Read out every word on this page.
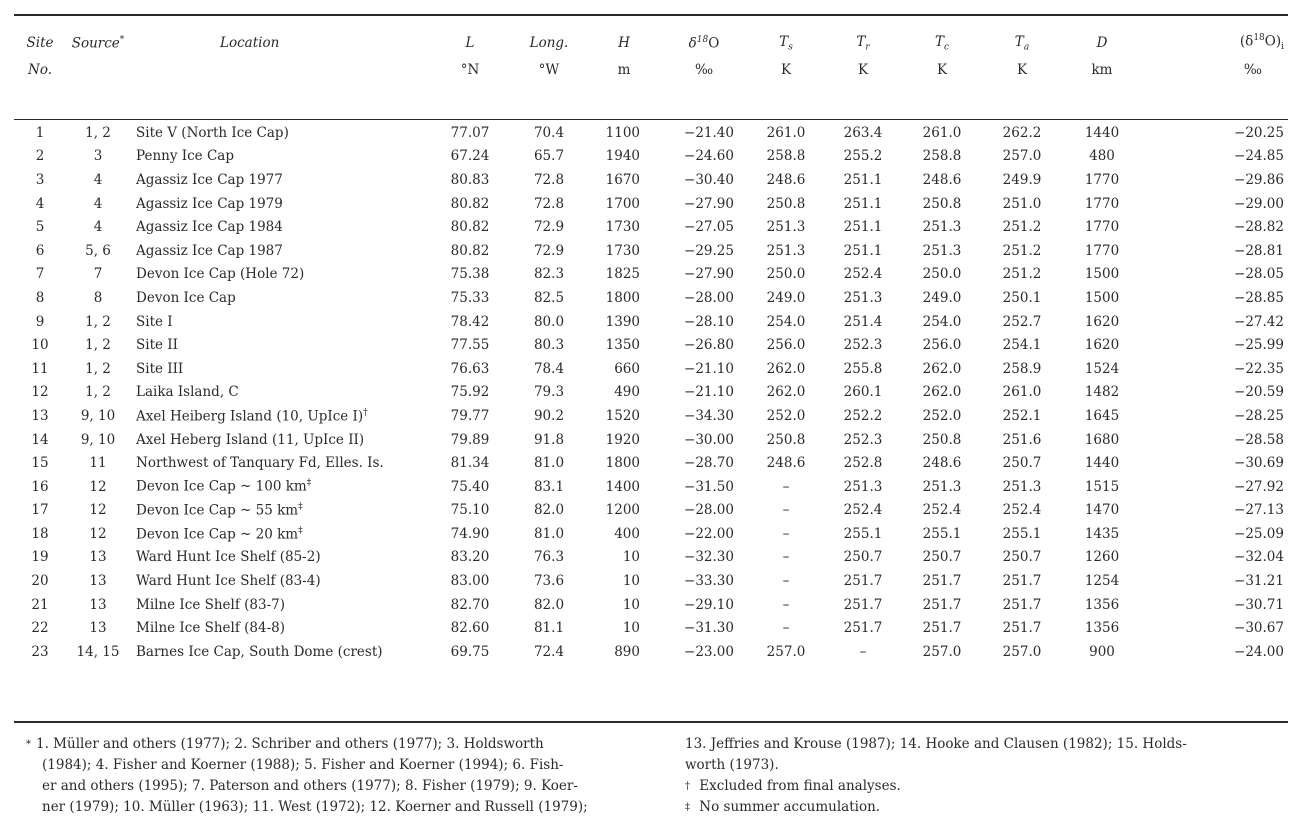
Site	Source*	Location	L	Long.	H	$\delta^{18}O$	$T_s$	$T_r$	$T_c$	$T_a$	D	$(\delta^{18}O)_i$
No.			°N	°W	m	‰	K	K	K	K	km	‰

1	1, 2	Site V (North Ice Cap)	77.07	70.4	1100	−21.40	261.0	263.4	261.0	262.2	1440	−20.25
2	3	Penny Ice Cap	67.24	65.7	1940	−24.60	258.8	255.2	258.8	257.0	480	−24.85
3	4	Agassiz Ice Cap 1977	80.83	72.8	1670	−30.40	248.6	251.1	248.6	249.9	1770	−29.86
4	4	Agassiz Ice Cap 1979	80.82	72.8	1700	−27.90	250.8	251.1	250.8	251.0	1770	−29.00
5	4	Agassiz Ice Cap 1984	80.82	72.9	1730	−27.05	251.3	251.1	251.3	251.2	1770	−28.82
6	5, 6	Agassiz Ice Cap 1987	80.82	72.9	1730	−29.25	251.3	251.1	251.3	251.2	1770	−28.81
7	7	Devon Ice Cap (Hole 72)	75.38	82.3	1825	−27.90	250.0	252.4	250.0	251.2	1500	−28.05
8	8	Devon Ice Cap	75.33	82.5	1800	−28.00	249.0	251.3	249.0	250.1	1500	−28.85
9	1, 2	Site I	78.42	80.0	1390	−28.10	254.0	251.4	254.0	252.7	1620	−27.42
10	1, 2	Site II	77.55	80.3	1350	−26.80	256.0	252.3	256.0	254.1	1620	−25.99
11	1, 2	Site III	76.63	78.4	660	−21.10	262.0	255.8	262.0	258.9	1524	−22.35
12	1, 2	Laika Island, C	75.92	79.3	490	−21.10	262.0	260.1	262.0	261.0	1482	−20.59
13	9, 10	Axel Heiberg Island (10, UpIce I)†	79.77	90.2	1520	−34.30	252.0	252.2	252.0	252.1	1645	−28.25
14	9, 10	Axel Heberg Island (11, UpIce II)	79.89	91.8	1920	−30.00	250.8	252.3	250.8	251.6	1680	−28.58
15	11	Northwest of Tanquary Fd, Elles. Is.	81.34	81.0	1800	−28.70	248.6	252.8	248.6	250.7	1440	−30.69
16	12	Devon Ice Cap ~ 100 km‡	75.40	83.1	1400	−31.50	–	251.3	251.3	251.3	1515	−27.92
17	12	Devon Ice Cap ~ 55 km‡	75.10	82.0	1200	−28.00	–	252.4	252.4	252.4	1470	−27.13
18	12	Devon Ice Cap ~ 20 km‡	74.90	81.0	400	−22.00	–	255.1	255.1	255.1	1435	−25.09
19	13	Ward Hunt Ice Shelf (85-2)	83.20	76.3	10	−32.30	–	250.7	250.7	250.7	1260	−32.04
20	13	Ward Hunt Ice Shelf (83-4)	83.00	73.6	10	−33.30	–	251.7	251.7	251.7	1254	−31.21
21	13	Milne Ice Shelf (83-7)	82.70	82.0	10	−29.10	–	251.7	251.7	251.7	1356	−30.71
22	13	Milne Ice Shelf (84-8)	82.60	81.1	10	−31.30	–	251.7	251.7	251.7	1356	−30.67
23	14, 15	Barnes Ice Cap, South Dome (crest)	69.75	72.4	890	−23.00	257.0	–	257.0	257.0	900	−24.00
* 1. Müller and others (1977); 2. Schriber and others (1977); 3. Holdsworth
(1984); 4. Fisher and Koerner (1988); 5. Fisher and Koerner (1994); 6. Fish-
er and others (1995); 7. Paterson and others (1977); 8. Fisher (1979); 9. Koer-
ner (1979); 10. Müller (1963); 11. West (1972); 12. Koerner and Russell (1979);
13. Jeffries and Krouse (1987); 14. Hooke and Clausen (1982); 15. Holds-
worth (1973).
† Excluded from final analyses.
‡ No summer accumulation.
